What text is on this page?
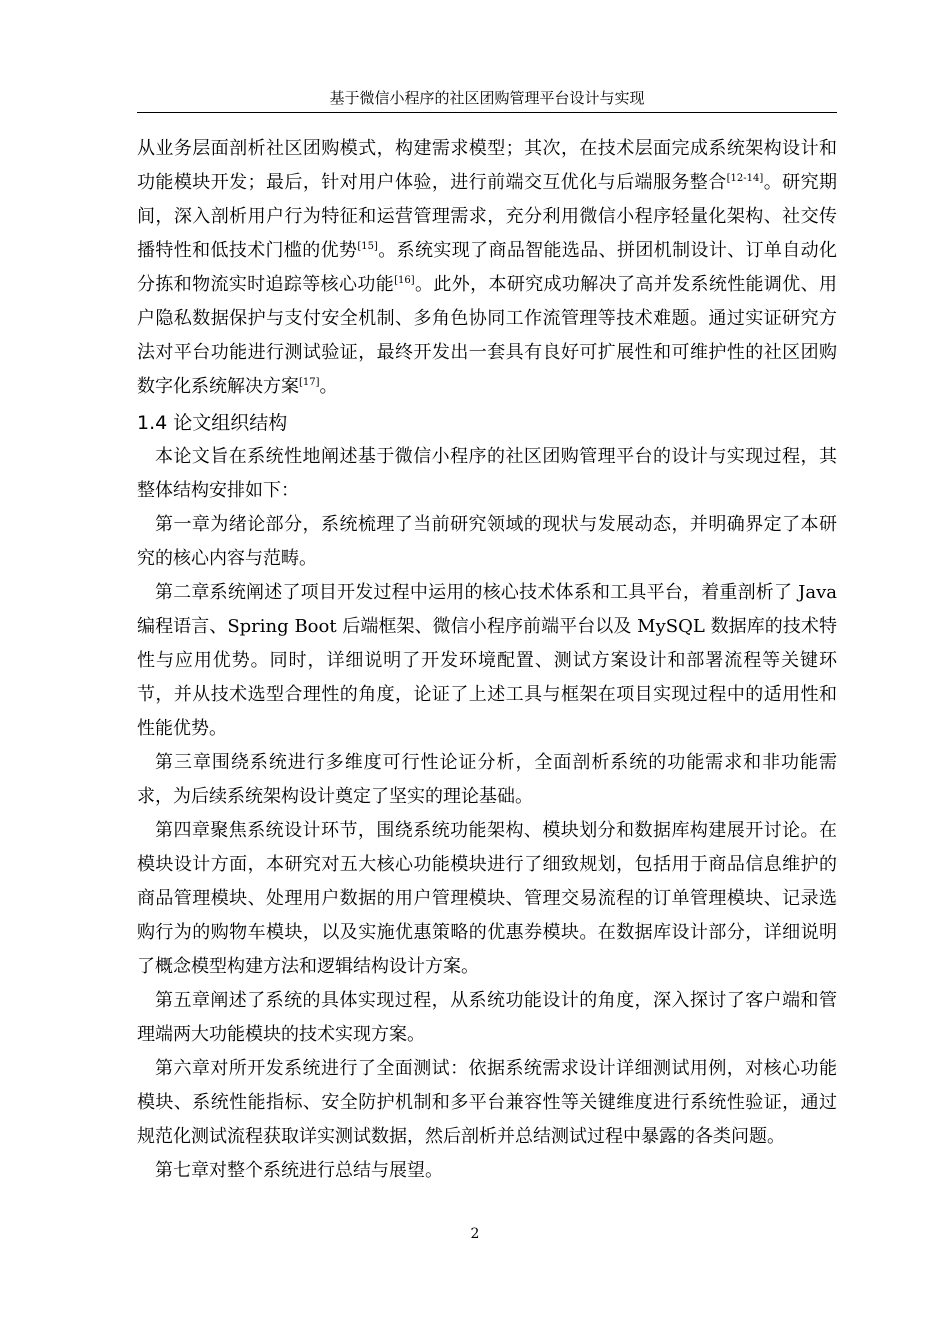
基于微信小程序的社区团购管理平台设计与实现

从业务层面剖析社区团购模式，构建需求模型；其次，在技术层面完成系统架构设计和功能模块开发；最后，针对用户体验，进行前端交互优化与后端服务整合[12-14]。研究期间，深入剖析用户行为特征和运营管理需求，充分利用微信小程序轻量化架构、社交传播特性和低技术门槛的优势[15]。系统实现了商品智能选品、拼团机制设计、订单自动化分拣和物流实时追踪等核心功能[16]。此外，本研究成功解决了高并发系统性能调优、用户隐私数据保护与支付安全机制、多角色协同工作流管理等技术难题。通过实证研究方法对平台功能进行测试验证，最终开发出一套具有良好可扩展性和可维护性的社区团购数字化系统解决方案[17]。

1.4 论文组织结构

本论文旨在系统性地阐述基于微信小程序的社区团购管理平台的设计与实现过程，其整体结构安排如下：

第一章为绪论部分，系统梳理了当前研究领域的现状与发展动态，并明确界定了本研究的核心内容与范畴。

第二章系统阐述了项目开发过程中运用的核心技术体系和工具平台，着重剖析了 Java 编程语言、Spring Boot 后端框架、微信小程序前端平台以及 MySQL 数据库的技术特性与应用优势。同时，详细说明了开发环境配置、测试方案设计和部署流程等关键环节，并从技术选型合理性的角度，论证了上述工具与框架在项目实现过程中的适用性和性能优势。

第三章围绕系统进行多维度可行性论证分析，全面剖析系统的功能需求和非功能需求，为后续系统架构设计奠定了坚实的理论基础。

第四章聚焦系统设计环节，围绕系统功能架构、模块划分和数据库构建展开讨论。在模块设计方面，本研究对五大核心功能模块进行了细致规划，包括用于商品信息维护的商品管理模块、处理用户数据的用户管理模块、管理交易流程的订单管理模块、记录选购行为的购物车模块，以及实施优惠策略的优惠券模块。在数据库设计部分，详细说明了概念模型构建方法和逻辑结构设计方案。

第五章阐述了系统的具体实现过程，从系统功能设计的角度，深入探讨了客户端和管理端两大功能模块的技术实现方案。

第六章对所开发系统进行了全面测试：依据系统需求设计详细测试用例，对核心功能模块、系统性能指标、安全防护机制和多平台兼容性等关键维度进行系统性验证，通过规范化测试流程获取详实测试数据，然后剖析并总结测试过程中暴露的各类问题。

第七章对整个系统进行总结与展望。

2
